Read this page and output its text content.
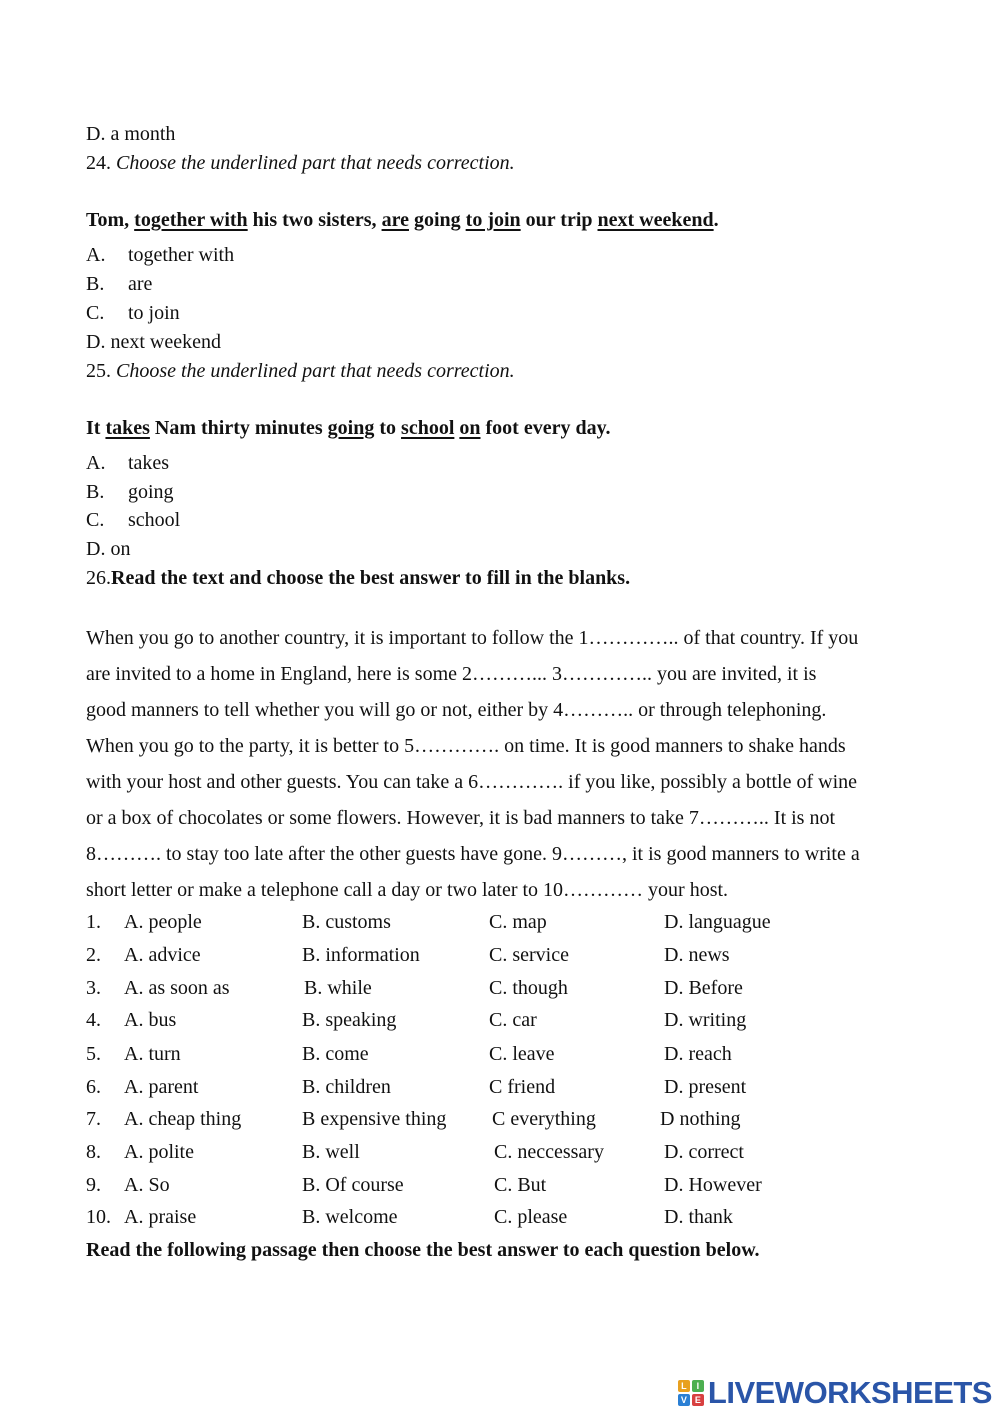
D. a month
24. Choose the underlined part that needs correction.
Tom, together with his two sisters, are going to join our trip next weekend.
A. together with
B. are
C. to join
D. next weekend
25. Choose the underlined part that needs correction.
It takes Nam thirty minutes going to school on foot every day.
A. takes
B. going
C. school
D. on
26.Read the text and choose the best answer to fill in the blanks.
When you go to another country, it is important to follow the 1………….. of that country. If you
are invited to a home in England, here is some 2………... 3………….. you are invited, it is
good manners to tell whether you will go or not, either by 4……….. or through telephoning.
When you go to the party, it is better to 5…………. on time. It is good manners to shake hands
with your host and other guests. You can take a 6…………. if you like, possibly a bottle of wine
or a box of chocolates or some flowers. However, it is bad manners to take 7……….. It is not
8………. to stay too late after the other guests have gone. 9………, it is good manners to write a
short letter or make a telephone call a day or two later to 10………… your host.
1. A. people	B. customs	C. map	D. languague
2. A. advice	B. information	C. service	D. news
3. A. as soon as	B. while	C. though	D. Before
4. A. bus	B. speaking	C. car	D. writing
5. A. turn	B. come	C. leave	D. reach
6. A. parent	B. children	C friend	D. present
7. A. cheap thing	B expensive thing C everything	D nothing
8. A. polite	B. well	C. neccessary	D. correct
9. A. So	B. Of course	C. But	D. However
10. A. praise	B. welcome	C. please	D. thank
Read the following passage then choose the best answer to each question below.
L	I
V E LIVEWORKSHEETS
